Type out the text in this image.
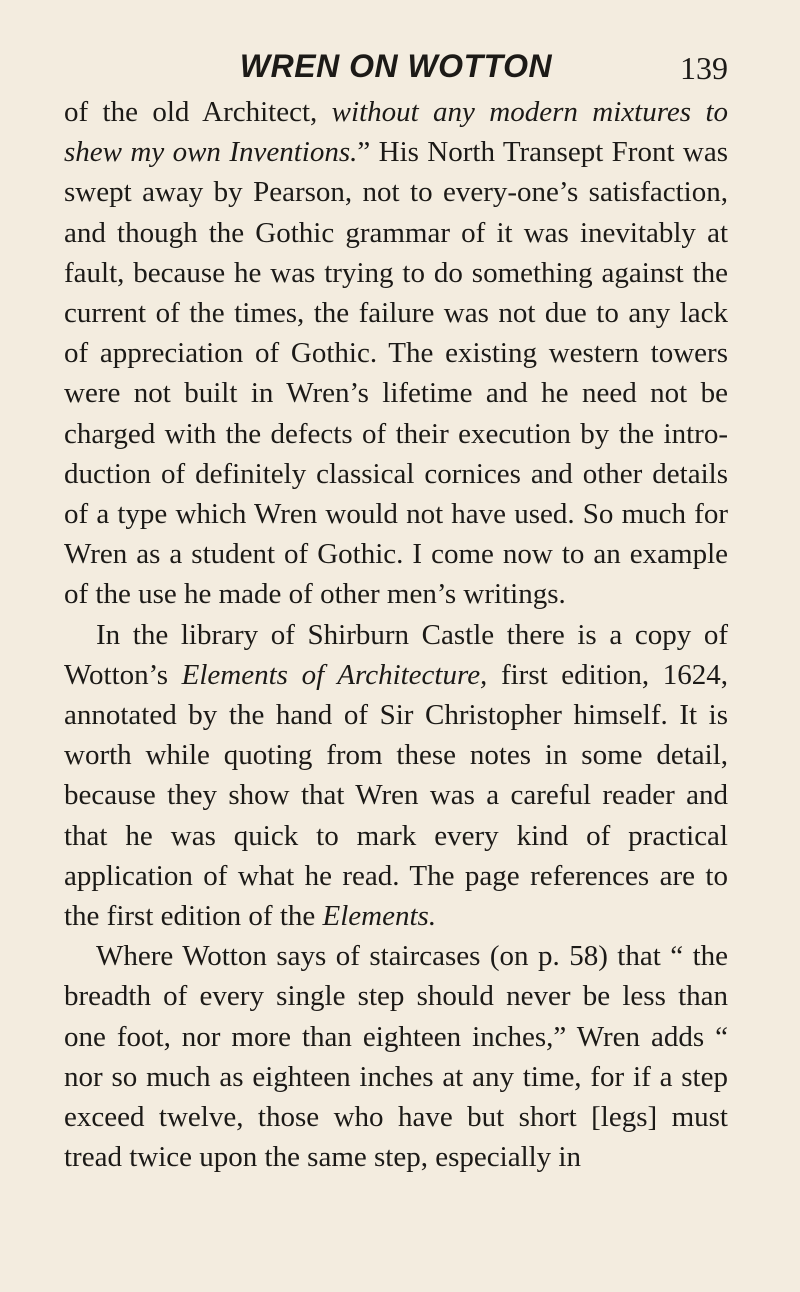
WREN ON WOTTON	139

of the old Architect, without any modern mixtures to shew my own Inventions.” His North Transept Front was swept away by Pearson, not to every-one’s satisfaction, and though the Gothic grammar of it was inevitably at fault, because he was trying to do something against the current of the times, the failure was not due to any lack of appreciation of Gothic. The existing western towers were not built in Wren’s lifetime and he need not be charged with the defects of their execution by the intro-duction of definitely classical cornices and other details of a type which Wren would not have used. So much for Wren as a student of Gothic. I come now to an example of the use he made of other men’s writings.

In the library of Shirburn Castle there is a copy of Wotton’s Elements of Architecture, first edition, 1624, annotated by the hand of Sir Christopher himself. It is worth while quoting from these notes in some detail, because they show that Wren was a careful reader and that he was quick to mark every kind of practical application of what he read. The page references are to the first edition of the Elements.

Where Wotton says of staircases (on p. 58) that “ the breadth of every single step should never be less than one foot, nor more than eighteen inches,” Wren adds “ nor so much as eighteen inches at any time, for if a step exceed twelve, those who have but short [legs] must tread twice upon the same step, especially in
